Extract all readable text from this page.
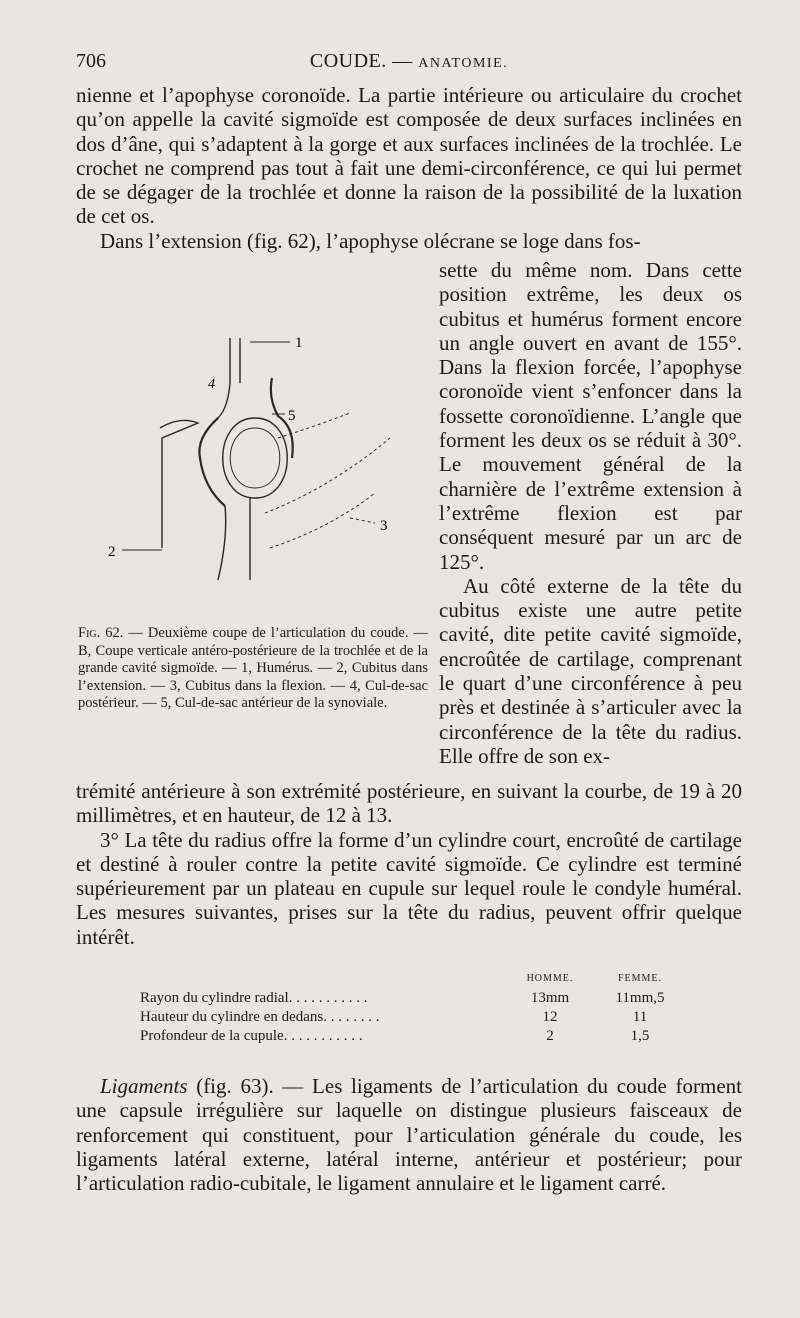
706	COUDE. — ANATOMIE.

nienne et l’apophyse coronoïde. La partie intérieure ou articulaire du crochet qu’on appelle la cavité sigmoïde est composée de deux surfaces inclinées en dos d’âne, qui s’adaptent à la gorge et aux surfaces inclinées de la trochlée. Le crochet ne comprend pas tout à fait une demi-circonférence, ce qui lui permet de se dégager de la trochlée et donne la raison de la possibilité de la luxation de cet os.

Dans l’extension (fig. 62), l’apophyse olécrane se loge dans fos-

sette du même nom. Dans cette position extrême, les deux os cubitus et humérus forment encore un angle ouvert en avant de 155°. Dans la flexion forcée, l’apophyse coronoïde vient s’enfoncer dans la fossette coronoïdienne. L’angle que forment les deux os se réduit à 30°. Le mouvement général de la charnière de l’extrême extension à l’extrême flexion est par conséquent mesuré par un arc de 125°.

Au côté externe de la tête du cubitus existe une autre petite cavité, dite petite cavité sigmoïde, encroûtée de cartilage, comprenant le quart d’une circonférence à peu près et destinée à s’articuler avec la circonférence de la tête du radius. Elle offre de son ex-

1
2
3
4
5
Fig. 62. — Deuxième coupe de l’articulation du coude. — B, Coupe verticale antéro-postérieure de la trochlée et de la grande cavité sigmoïde. — 1, Humérus. — 2, Cubitus dans l’extension. — 3, Cubitus dans la flexion. — 4, Cul-de-sac postérieur. — 5, Cul-de-sac antérieur de la synoviale.

trémité antérieure à son extrémité postérieure, en suivant la courbe, de 19 à 20 millimètres, et en hauteur, de 12 à 13.

3° La tête du radius offre la forme d’un cylindre court, encroûté de cartilage et destiné à rouler contre la petite cavité sigmoïde. Ce cylindre est terminé supérieurement par un plateau en cupule sur lequel roule le condyle huméral. Les mesures suivantes, prises sur la tête du radius, peuvent offrir quelque intérêt.

	HOMME.	FEMME.
Rayon du cylindre radial. . . . . . . . . . .	13mm	11mm,5
Hauteur du cylindre en dedans. . . . . . . .	12	11
Profondeur de la cupule. . . . . . . . . . .	2	1,5

Ligaments (fig. 63). — Les ligaments de l’articulation du coude forment une capsule irrégulière sur laquelle on distingue plusieurs faisceaux de renforcement qui constituent, pour l’articulation générale du coude, les ligaments latéral externe, latéral interne, antérieur et postérieur; pour l’articulation radio-cubitale, le ligament annulaire et le ligament carré.
